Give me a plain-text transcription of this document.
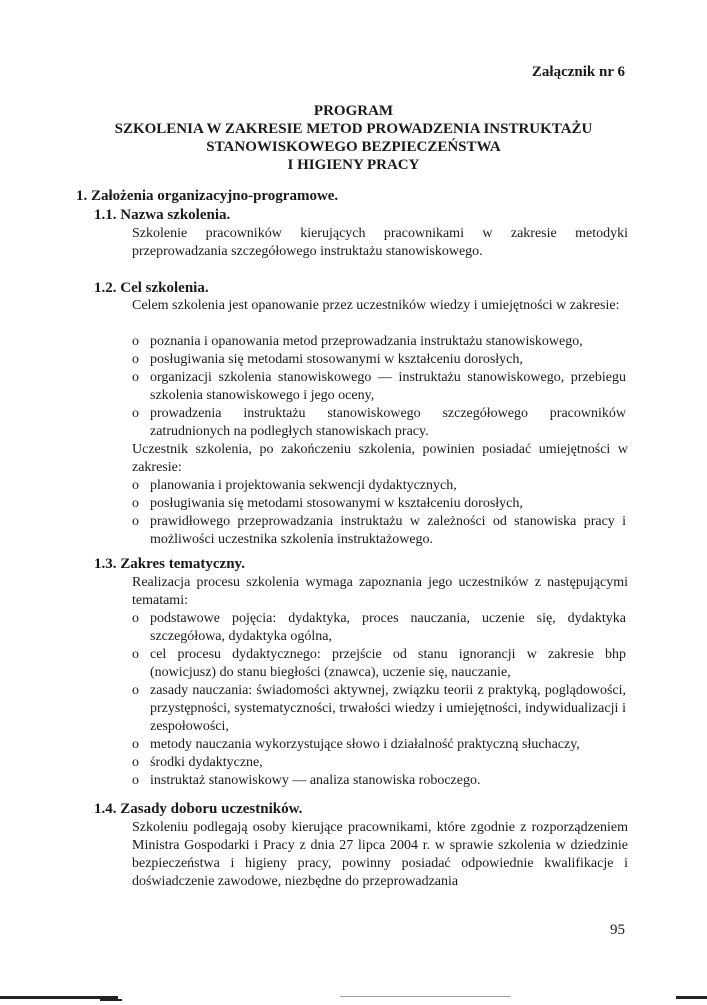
Załącznik nr 6
PROGRAM
SZKOLENIA W ZAKRESIE METOD PROWADZENIA INSTRUKTAŻU
STANOWISKOWEGO BEZPIECZEŃSTWA
I HIGIENY PRACY
1. Założenia organizacyjno-programowe.
1.1. Nazwa szkolenia.
Szkolenie pracowników kierujących pracownikami w zakresie metodyki przeprowadzania szczegółowego instruktażu stanowiskowego.
1.2. Cel szkolenia.
Celem szkolenia jest opanowanie przez uczestników wiedzy i umiejętności w zakresie:
o poznania i opanowania metod przeprowadzania instruktażu stanowiskowego,
o posługiwania się metodami stosowanymi w kształceniu dorosłych,
o organizacji szkolenia stanowiskowego — instruktażu stanowiskowego, przebiegu szkolenia stanowiskowego i jego oceny,
o prowadzenia instruktażu stanowiskowego szczegółowego pracowników zatrudnionych na podległych stanowiskach pracy.
Uczestnik szkolenia, po zakończeniu szkolenia, powinien posiadać umiejętności w zakresie:
o planowania i projektowania sekwencji dydaktycznych,
o posługiwania się metodami stosowanymi w kształceniu dorosłych,
o prawidłowego przeprowadzania instruktażu w zależności od stanowiska pracy i możliwości uczestnika szkolenia instruktażowego.
1.3. Zakres tematyczny.
Realizacja procesu szkolenia wymaga zapoznania jego uczestników z następującymi tematami:
o podstawowe pojęcia: dydaktyka, proces nauczania, uczenie się, dydaktyka szczegółowa, dydaktyka ogólna,
o cel procesu dydaktycznego: przejście od stanu ignorancji w zakresie bhp (nowicjusz) do stanu biegłości (znawca), uczenie się, nauczanie,
o zasady nauczania: świadomości aktywnej, związku teorii z praktyką, poglądowości, przystępności, systematyczności, trwałości wiedzy i umiejętności, indywidualizacji i zespołowości,
o metody nauczania wykorzystujące słowo i działalność praktyczną słuchaczy,
o środki dydaktyczne,
o instruktaż stanowiskowy — analiza stanowiska roboczego.
1.4. Zasady doboru uczestników.
Szkoleniu podlegają osoby kierujące pracownikami, które zgodnie z rozporządzeniem Ministra Gospodarki i Pracy z dnia 27 lipca 2004 r. w sprawie szkolenia w dziedzinie bezpieczeństwa i higieny pracy, powinny posiadać odpowiednie kwalifikacje i doświadczenie zawodowe, niezbędne do przeprowadzania
95
